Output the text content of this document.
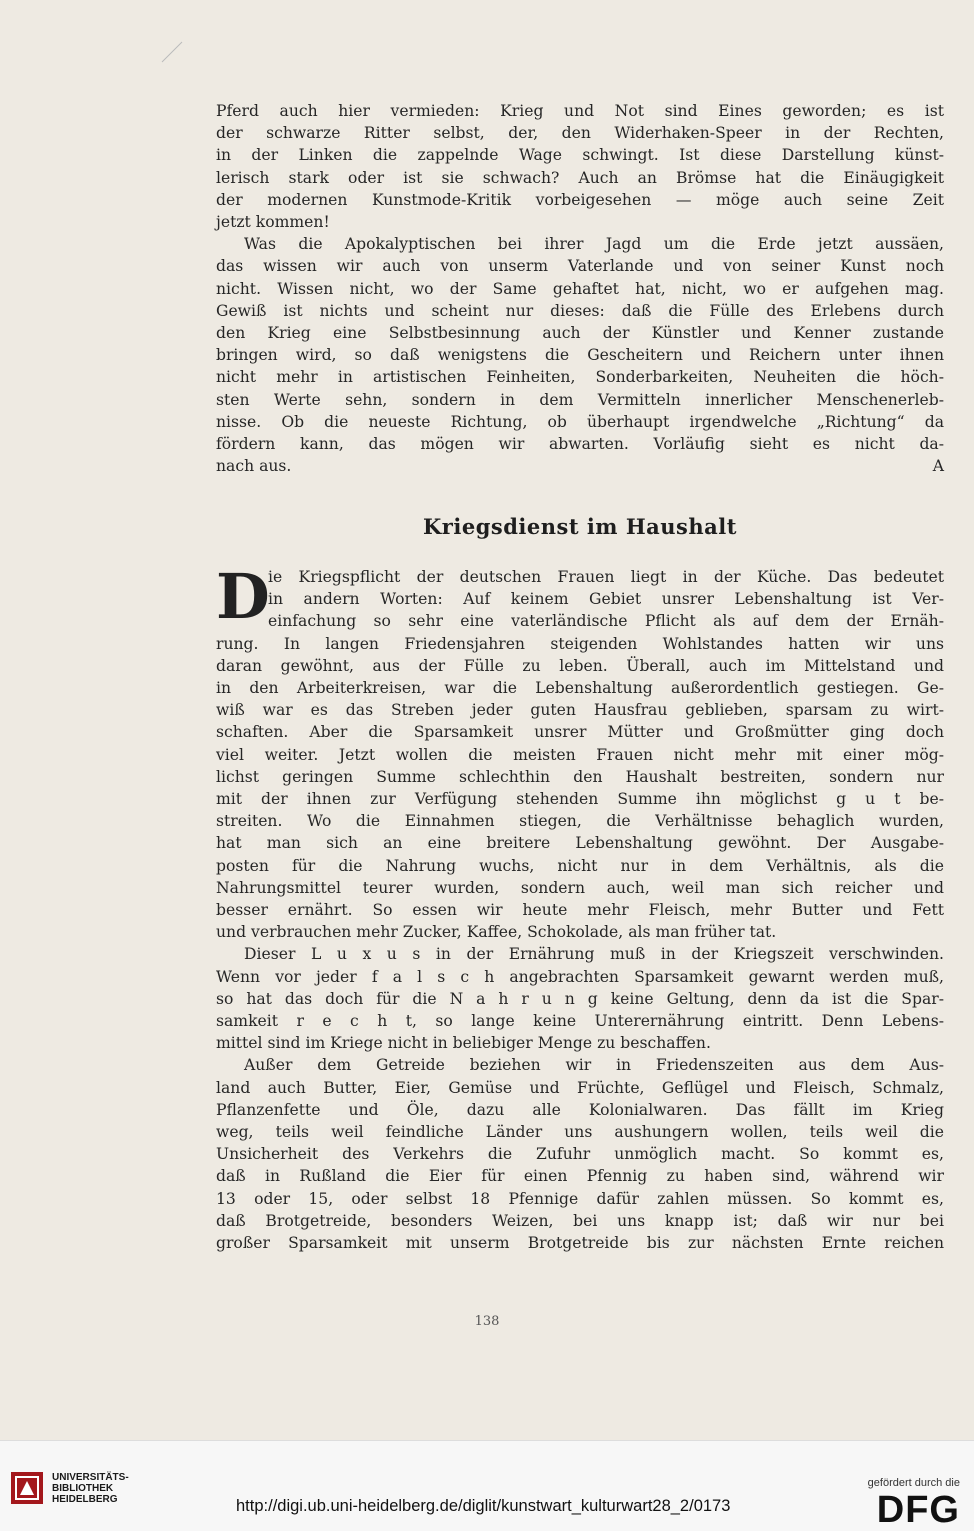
Pferd auch hier vermieden: Krieg und Not sind Eines geworden; es ist
der schwarze Ritter selbst, der, den Widerhaken-Speer in der Rechten,
in der Linken die zappelnde Wage schwingt. Ist diese Darstellung künst-
lerisch stark oder ist sie schwach? Auch an Brömse hat die Einäugigkeit
der modernen Kunstmode-Kritik vorbeigesehen — möge auch seine Zeit
jetzt kommen!
Was die Apokalyptischen bei ihrer Jagd um die Erde jetzt aussäen,
das wissen wir auch von unserm Vaterlande und von seiner Kunst noch
nicht. Wissen nicht, wo der Same gehaftet hat, nicht, wo er aufgehen mag.
Gewiß ist nichts und scheint nur dieses: daß die Fülle des Erlebens durch
den Krieg eine Selbstbesinnung auch der Künstler und Kenner zustande
bringen wird, so daß wenigstens die Gescheitern und Reichern unter ihnen
nicht mehr in artistischen Feinheiten, Sonderbarkeiten, Neuheiten die höch-
sten Werte sehn, sondern in dem Vermitteln innerlicher Menschenerleb-
nisse. Ob die neueste Richtung, ob überhaupt irgendwelche „Richtung“ da
fördern kann, das mögen wir abwarten. Vorläufig sieht es nicht da-
nach aus.	A
Kriegsdienst im Haushalt
D
ie Kriegspflicht der deutschen Frauen liegt in der Küche. Das bedeutet
in andern Worten: Auf keinem Gebiet unsrer Lebenshaltung ist Ver-
einfachung so sehr eine vaterländische Pflicht als auf dem der Ernäh-
rung. In langen Friedensjahren steigenden Wohlstandes hatten wir uns
daran gewöhnt, aus der Fülle zu leben. Überall, auch im Mittelstand und
in den Arbeiterkreisen, war die Lebenshaltung außerordentlich gestiegen. Ge-
wiß war es das Streben jeder guten Hausfrau geblieben, sparsam zu wirt-
schaften. Aber die Sparsamkeit unsrer Mütter und Großmütter ging doch
viel weiter. Jetzt wollen die meisten Frauen nicht mehr mit einer mög-
lichst geringen Summe schlechthin den Haushalt bestreiten, sondern nur
mit der ihnen zur Verfügung stehenden Summe ihn möglichst g u t be-
streiten. Wo die Einnahmen stiegen, die Verhältnisse behaglich wurden,
hat man sich an eine breitere Lebenshaltung gewöhnt. Der Ausgabe-
posten für die Nahrung wuchs, nicht nur in dem Verhältnis, als die
Nahrungsmittel teurer wurden, sondern auch, weil man sich reicher und
besser ernährt. So essen wir heute mehr Fleisch, mehr Butter und Fett
und verbrauchen mehr Zucker, Kaffee, Schokolade, als man früher tat.
Dieser L u x u s in der Ernährung muß in der Kriegszeit verschwinden.
Wenn vor jeder f a l s c h angebrachten Sparsamkeit gewarnt werden muß,
so hat das doch für die N a h r u n g keine Geltung, denn da ist die Spar-
samkeit r e c h t, so lange keine Unterernährung eintritt. Denn Lebens-
mittel sind im Kriege nicht in beliebiger Menge zu beschaffen.
Außer dem Getreide beziehen wir in Friedenszeiten aus dem Aus-
land auch Butter, Eier, Gemüse und Früchte, Geflügel und Fleisch, Schmalz,
Pflanzenfette und Öle, dazu alle Kolonialwaren. Das fällt im Krieg
weg, teils weil feindliche Länder uns aushungern wollen, teils weil die
Unsicherheit des Verkehrs die Zufuhr unmöglich macht. So kommt es,
daß in Rußland die Eier für einen Pfennig zu haben sind, während wir
13 oder 15, oder selbst 18 Pfennige dafür zahlen müssen. So kommt es,
daß Brotgetreide, besonders Weizen, bei uns knapp ist; daß wir nur bei
großer Sparsamkeit mit unserm Brotgetreide bis zur nächsten Ernte reichen
138
UNIVERSITÄTS-
BIBLIOTHEK
HEIDELBERG	http://digi.ub.uni-heidelberg.de/diglit/kunstwart_kulturwart28_2/0173
gefördert durch die
DFG
